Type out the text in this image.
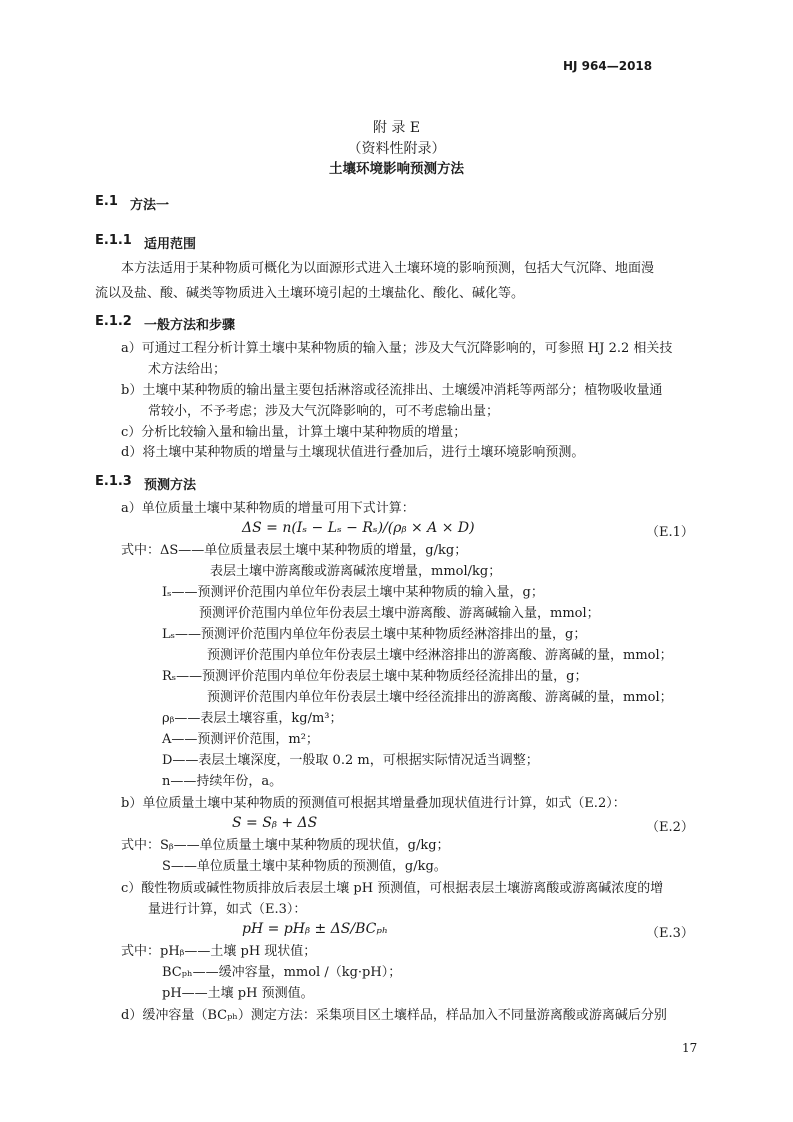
HJ 964—2018
附 录 E
（资料性附录）
土壤环境影响预测方法
E.1 方法一
E.1.1 适用范围
本方法适用于某种物质可概化为以面源形式进入土壤环境的影响预测，包括大气沉降、地面漫
流以及盐、酸、碱类等物质进入土壤环境引起的土壤盐化、酸化、碱化等。
E.1.2 一般方法和步骤
a）可通过工程分析计算土壤中某种物质的输入量；涉及大气沉降影响的，可参照 HJ 2.2 相关技
术方法给出；
b）土壤中某种物质的输出量主要包括淋溶或径流排出、土壤缓冲消耗等两部分；植物吸收量通
常较小，不予考虑；涉及大气沉降影响的，可不考虑输出量；
c）分析比较输入量和输出量，计算土壤中某种物质的增量；
d）将土壤中某种物质的增量与土壤现状值进行叠加后，进行土壤环境影响预测。
E.1.3 预测方法
a）单位质量土壤中某种物质的增量可用下式计算：
ΔS = n(Iₛ − Lₛ − Rₛ)/(ρᵦ × A × D)	（E.1）
式中：ΔS——单位质量表层土壤中某种物质的增量，g/kg；
表层土壤中游离酸或游离碱浓度增量，mmol/kg；
Iₛ——预测评价范围内单位年份表层土壤中某种物质的输入量，g；
预测评价范围内单位年份表层土壤中游离酸、游离碱输入量，mmol；
Lₛ——预测评价范围内单位年份表层土壤中某种物质经淋溶排出的量，g；
预测评价范围内单位年份表层土壤中经淋溶排出的游离酸、游离碱的量，mmol；
Rₛ——预测评价范围内单位年份表层土壤中某种物质经径流排出的量，g；
预测评价范围内单位年份表层土壤中经径流排出的游离酸、游离碱的量，mmol；
ρᵦ——表层土壤容重，kg/m³；
A——预测评价范围，m²；
D——表层土壤深度，一般取 0.2 m，可根据实际情况适当调整；
n——持续年份，a。
b）单位质量土壤中某种物质的预测值可根据其增量叠加现状值进行计算，如式（E.2）：
S = Sᵦ + ΔS	（E.2）
式中：Sᵦ——单位质量土壤中某种物质的现状值，g/kg；
S——单位质量土壤中某种物质的预测值，g/kg。
c）酸性物质或碱性物质排放后表层土壤 pH 预测值，可根据表层土壤游离酸或游离碱浓度的增
量进行计算，如式（E.3）：
pH = pHᵦ ± ΔS/BCₚₕ	（E.3）
式中：pHᵦ——土壤 pH 现状值；
BCₚₕ——缓冲容量，mmol /（kg·pH）；
pH——土壤 pH 预测值。
d）缓冲容量（BCₚₕ）测定方法：采集项目区土壤样品，样品加入不同量游离酸或游离碱后分别
17
